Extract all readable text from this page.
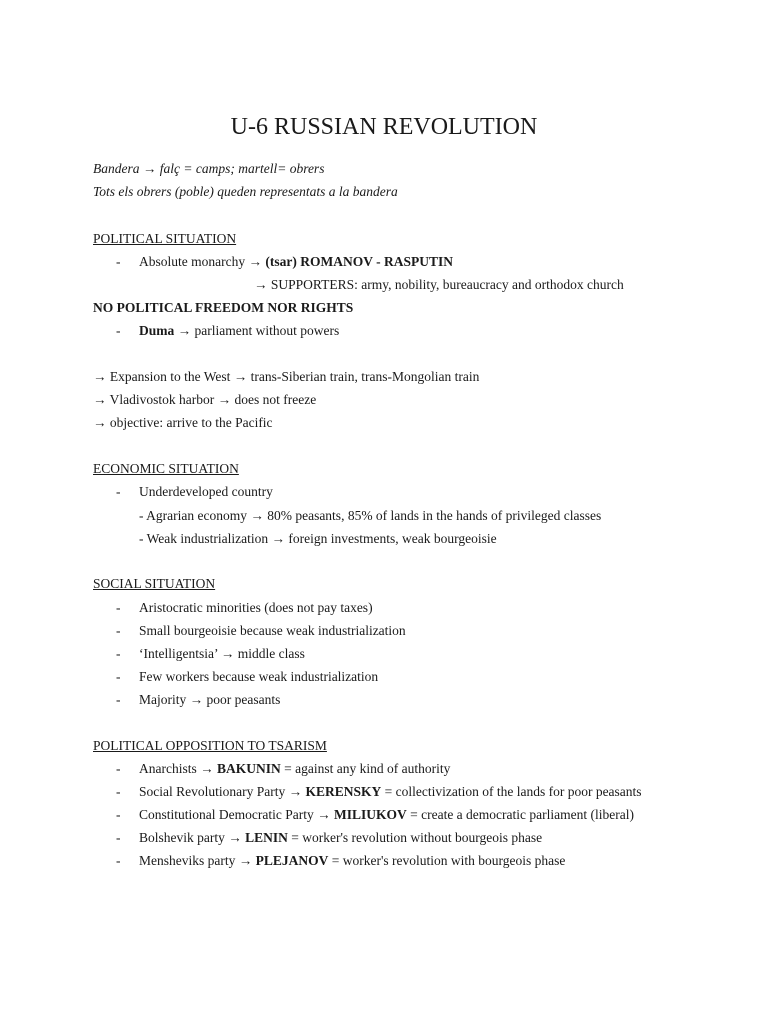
U-6 RUSSIAN REVOLUTION
Bandera → falç = camps; martell= obrers
Tots els obrers (poble) queden representats a la bandera
POLITICAL SITUATION
- Absolute monarchy → (tsar) ROMANOV - RASPUTIN
→ SUPPORTERS: army, nobility, bureaucracy and orthodox church
NO POLITICAL FREEDOM NOR RIGHTS
- Duma → parliament without powers
→ Expansion to the West → trans-Siberian train, trans-Mongolian train
→ Vladivostok harbor → does not freeze
→ objective: arrive to the Pacific
ECONOMIC SITUATION
- Underdeveloped country
- Agrarian economy → 80% peasants, 85% of lands in the hands of privileged classes
- Weak industrialization → foreign investments, weak bourgeoisie
SOCIAL SITUATION
- Aristocratic minorities (does not pay taxes)
- Small bourgeoisie because weak industrialization
- ‘Intelligentsia’ → middle class
- Few workers because weak industrialization
- Majority → poor peasants
POLITICAL OPPOSITION TO TSARISM
- Anarchists → BAKUNIN = against any kind of authority
- Social Revolutionary Party → KERENSKY = collectivization of the lands for poor peasants
- Constitutional Democratic Party → MILIUKOV = create a democratic parliament (liberal)
- Bolshevik party → LENIN = worker's revolution without bourgeois phase
- Mensheviks party → PLEJANOV = worker's revolution with bourgeois phase
